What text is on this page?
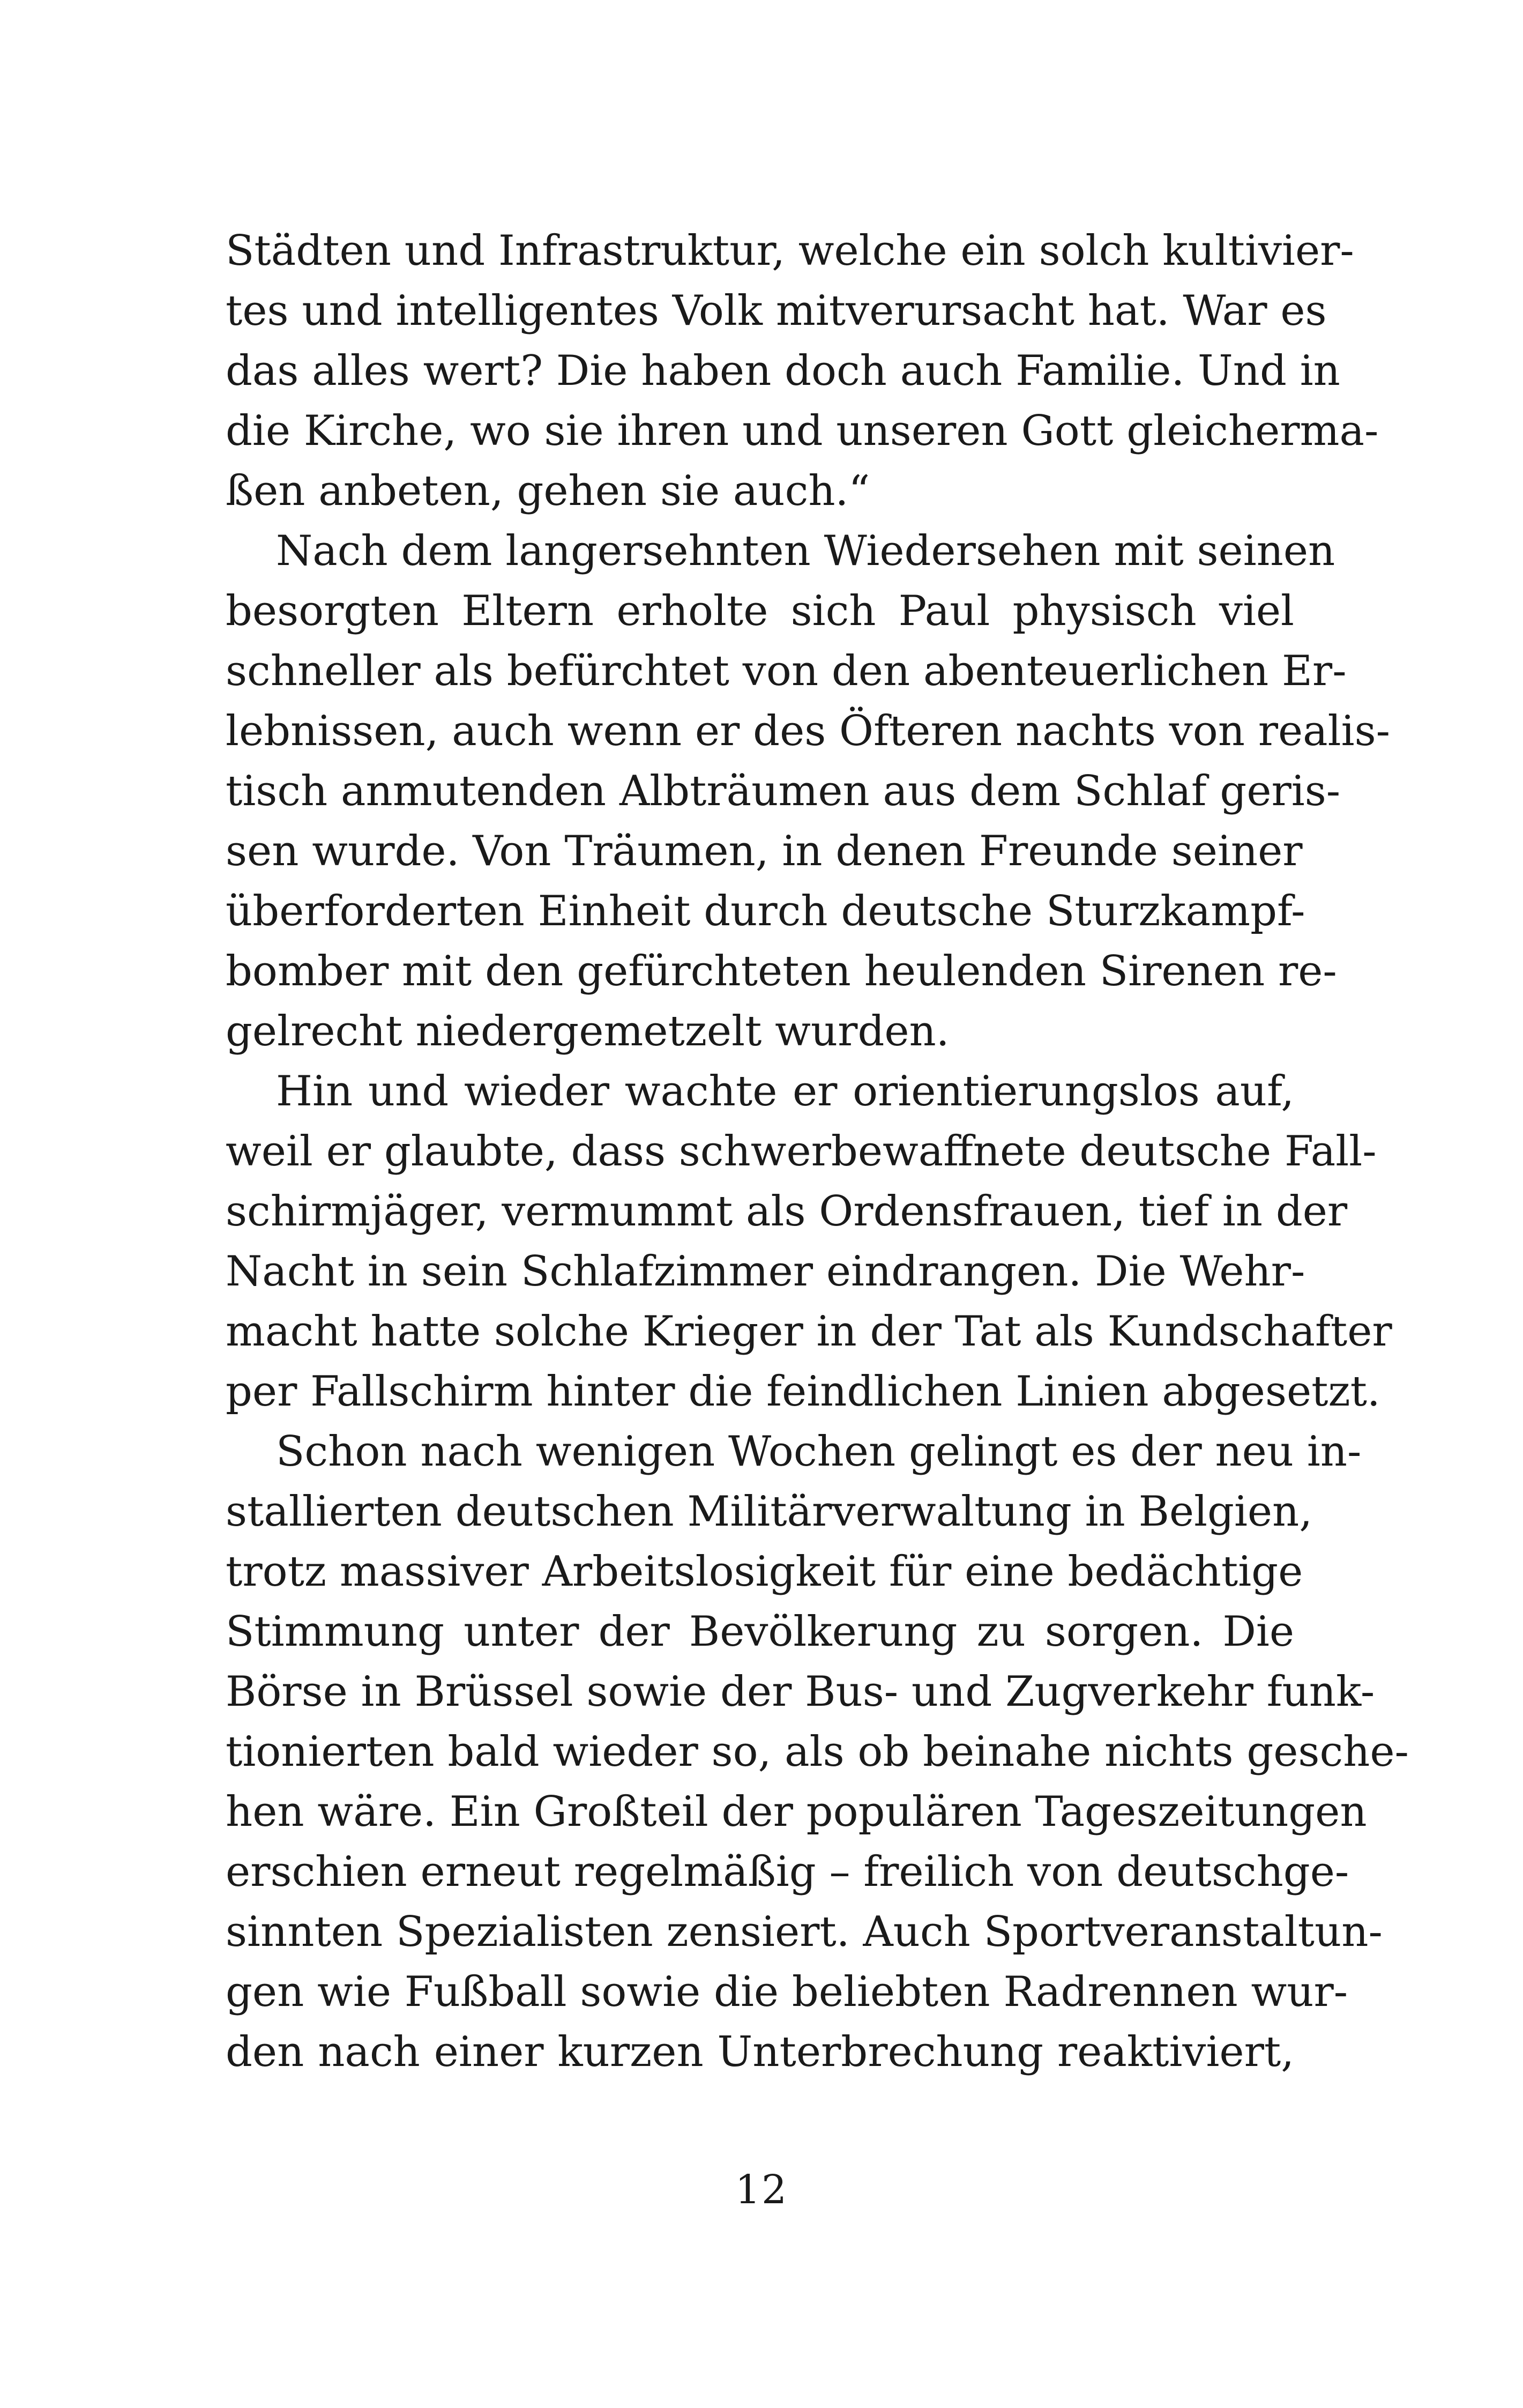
Städten und Infrastruktur, welche ein solch kultivier-
tes und intelligentes Volk mitverursacht hat. War es
das alles wert? Die haben doch auch Familie. Und in
die Kirche, wo sie ihren und unseren Gott gleicherma-
ßen anbeten, gehen sie auch.“
Nach dem langersehnten Wiedersehen mit seinen
besorgten Eltern erholte sich Paul physisch viel
schneller als befürchtet von den abenteuerlichen Er-
lebnissen, auch wenn er des Öfteren nachts von realis-
tisch anmutenden Albträumen aus dem Schlaf geris-
sen wurde. Von Träumen, in denen Freunde seiner
überforderten Einheit durch deutsche Sturzkampf-
bomber mit den gefürchteten heulenden Sirenen re-
gelrecht niedergemetzelt wurden.
Hin und wieder wachte er orientierungslos auf,
weil er glaubte, dass schwerbewaffnete deutsche Fall-
schirmjäger, vermummt als Ordensfrauen, tief in der
Nacht in sein Schlafzimmer eindrangen. Die Wehr-
macht hatte solche Krieger in der Tat als Kundschafter
per Fallschirm hinter die feindlichen Linien abgesetzt.
Schon nach wenigen Wochen gelingt es der neu in-
stallierten deutschen Militärverwaltung in Belgien,
trotz massiver Arbeitslosigkeit für eine bedächtige
Stimmung unter der Bevölkerung zu sorgen. Die
Börse in Brüssel sowie der Bus- und Zugverkehr funk-
tionierten bald wieder so, als ob beinahe nichts gesche-
hen wäre. Ein Großteil der populären Tageszeitungen
erschien erneut regelmäßig – freilich von deutschge-
sinnten Spezialisten zensiert. Auch Sportveranstaltun-
gen wie Fußball sowie die beliebten Radrennen wur-
den nach einer kurzen Unterbrechung reaktiviert,
12
